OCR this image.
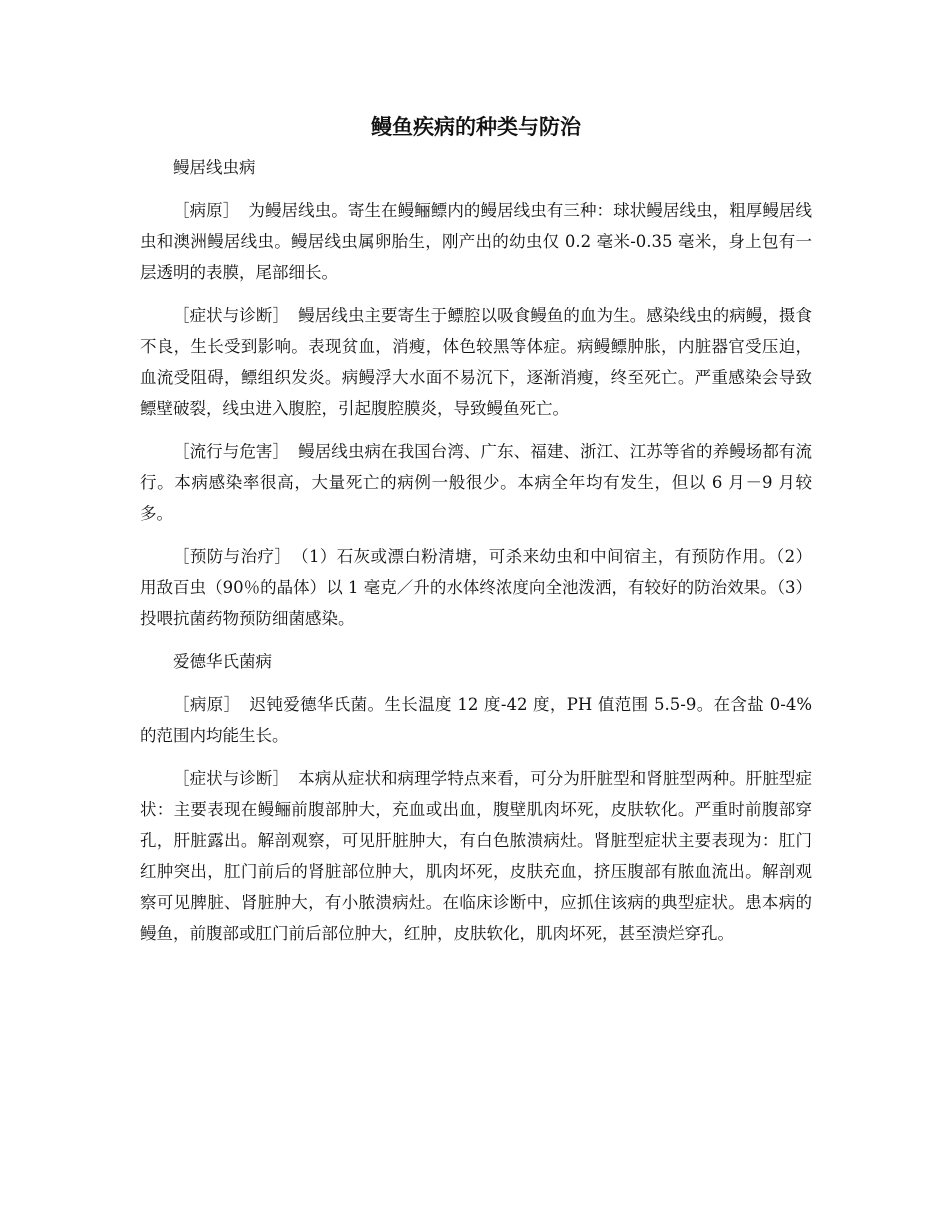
鳗鱼疾病的种类与防治
鳗居线虫病
［病原］ 为鳗居线虫。寄生在鳗鲡鳔内的鳗居线虫有三种：球状鳗居线虫，粗厚鳗居线虫和澳洲鳗居线虫。鳗居线虫属卵胎生，刚产出的幼虫仅 0.2 毫米-0.35 毫米，身上包有一层透明的表膜，尾部细长。
［症状与诊断］ 鳗居线虫主要寄生于鳔腔以吸食鳗鱼的血为生。感染线虫的病鳗，摄食不良，生长受到影响。表现贫血，消瘦，体色较黑等体症。病鳗鳔肿胀，内脏器官受压迫，血流受阻碍，鳔组织发炎。病鳗浮大水面不易沉下，逐渐消瘦，终至死亡。严重感染会导致鳔壁破裂，线虫进入腹腔，引起腹腔膜炎，导致鳗鱼死亡。
［流行与危害］ 鳗居线虫病在我国台湾、广东、福建、浙江、江苏等省的养鳗场都有流行。本病感染率很高，大量死亡的病例一般很少。本病全年均有发生，但以 6 月－9 月较多。
［预防与治疗］ （1）石灰或漂白粉清塘，可杀来幼虫和中间宿主，有预防作用。（2）用敌百虫（90％的晶体）以 1 毫克／升的水体终浓度向全池泼洒，有较好的防治效果。（3）投喂抗菌药物预防细菌感染。
爱德华氏菌病
［病原］ 迟钝爱德华氏菌。生长温度 12 度-42 度，PH 值范围 5.5-9。在含盐 0-4%的范围内均能生长。
［症状与诊断］ 本病从症状和病理学特点来看，可分为肝脏型和肾脏型两种。肝脏型症状：主要表现在鳗鲡前腹部肿大，充血或出血，腹壁肌肉坏死，皮肤软化。严重时前腹部穿孔，肝脏露出。解剖观察，可见肝脏肿大，有白色脓溃病灶。肾脏型症状主要表现为：肛门红肿突出，肛门前后的肾脏部位肿大，肌肉坏死，皮肤充血，挤压腹部有脓血流出。解剖观察可见脾脏、肾脏肿大，有小脓溃病灶。在临床诊断中，应抓住该病的典型症状。患本病的鳗鱼，前腹部或肛门前后部位肿大，红肿，皮肤软化，肌肉坏死，甚至溃烂穿孔。
